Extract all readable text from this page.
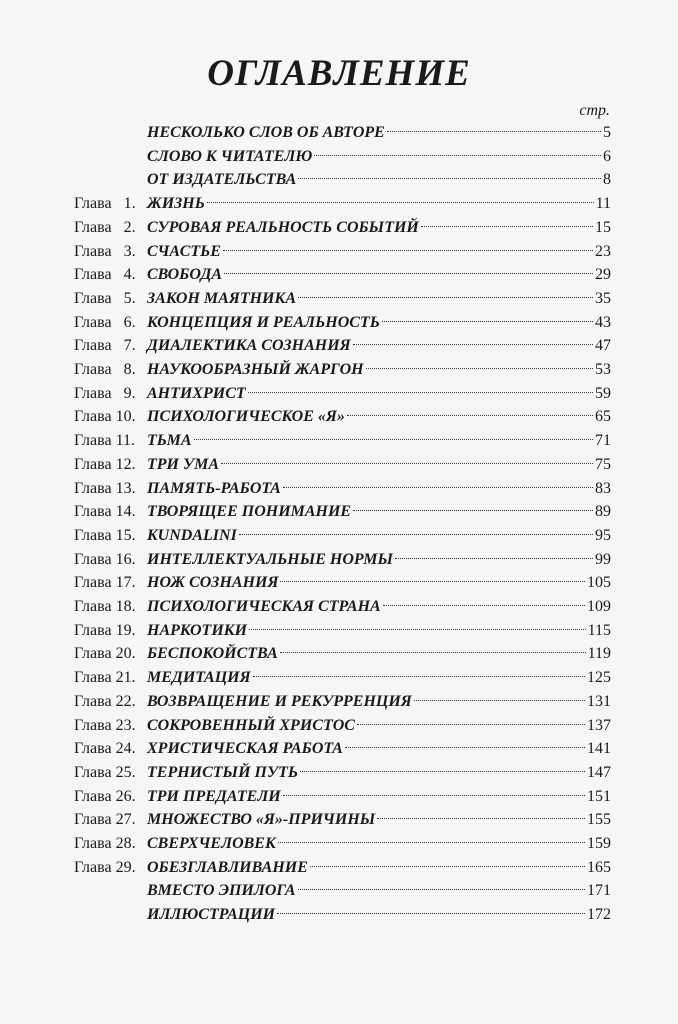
ОГЛАВЛЕНИЕ
стр.
НЕСКОЛЬКО СЛОВ ОБ АВТОРЕ	5
СЛОВО К ЧИТАТЕЛЮ	6
ОТ ИЗДАТЕЛЬСТВА	8
Глава   1. ЖИЗНЬ	11
Глава   2. СУРОВАЯ РЕАЛЬНОСТЬ СОБЫТИЙ	15
Глава   3. СЧАСТЬЕ	23
Глава   4. СВОБОДА	29
Глава   5. ЗАКОН МАЯТНИКА	35
Глава   6. КОНЦЕПЦИЯ И РЕАЛЬНОСТЬ	43
Глава   7. ДИАЛЕКТИКА СОЗНАНИЯ	47
Глава   8. НАУКООБРАЗНЫЙ ЖАРГОН	53
Глава   9. АНТИХРИСТ	59
Глава 10. ПСИХОЛОГИЧЕСКОЕ «Я»	65
Глава 11. ТЬМА	71
Глава 12. ТРИ УМА	75
Глава 13. ПАМЯТЬ-РАБОТА	83
Глава 14. ТВОРЯЩЕЕ ПОНИМАНИЕ	89
Глава 15. KUNDALINI	95
Глава 16. ИНТЕЛЛЕКТУАЛЬНЫЕ НОРМЫ	99
Глава 17. НОЖ СОЗНАНИЯ	105
Глава 18. ПСИХОЛОГИЧЕСКАЯ СТРАНА	109
Глава 19. НАРКОТИКИ	115
Глава 20. БЕСПОКОЙСТВА	119
Глава 21. МЕДИТАЦИЯ	125
Глава 22. ВОЗВРАЩЕНИЕ И РЕКУРРЕНЦИЯ	131
Глава 23. СОКРОВЕННЫЙ ХРИСТОС	137
Глава 24. ХРИСТИЧЕСКАЯ РАБОТА	141
Глава 25. ТЕРНИСТЫЙ ПУТЬ	147
Глава 26. ТРИ ПРЕДАТЕЛИ	151
Глава 27. МНОЖЕСТВО «Я»-ПРИЧИНЫ	155
Глава 28. СВЕРХЧЕЛОВЕК	159
Глава 29. ОБЕЗГЛАВЛИВАНИЕ	165
ВМЕСТО ЭПИЛОГА	171
ИЛЛЮСТРАЦИИ	172
